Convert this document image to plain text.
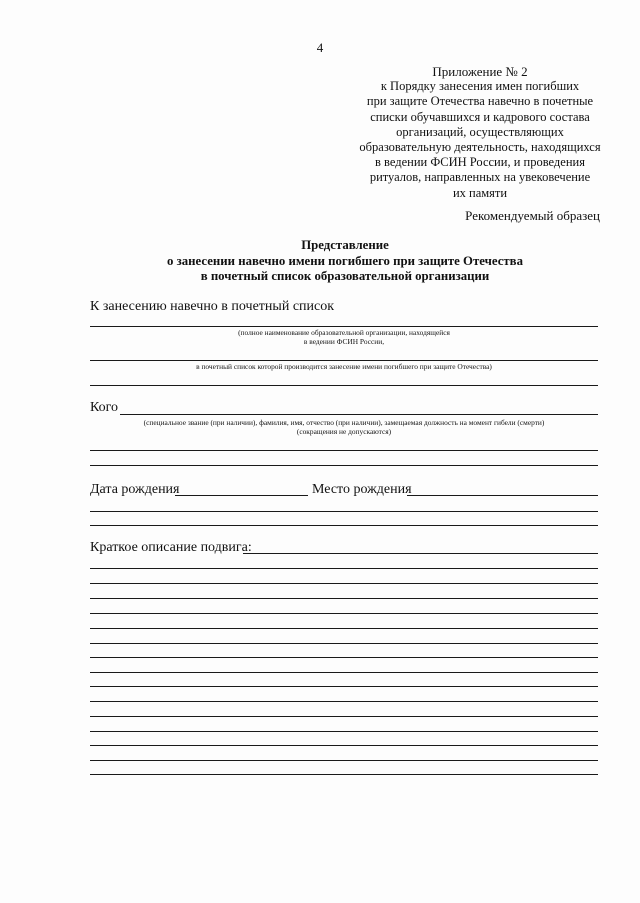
4
Приложение № 2
к Порядку занесения имен погибших
при защите Отечества навечно в почетные
списки обучавшихся и кадрового состава
организаций, осуществляющих
образовательную деятельность, находящихся
в ведении ФСИН России, и проведения
ритуалов, направленных на увековечение
их памяти
Рекомендуемый образец
Представление
о занесении навечно имени погибшего при защите Отечества
в почетный список образовательной организации
К занесению навечно в почетный список
(полное наименование образовательной организации, находящейся
в ведении ФСИН России,
в почетный список которой производится занесение имени погибшего при защите Отечества)
Кого
(специальное звание (при наличии), фамилия, имя, отчество (при наличии), замещаемая должность на момент гибели (смерти)
(сокращения не допускаются)
Дата рождения	Место рождения
Краткое описание подвига:
